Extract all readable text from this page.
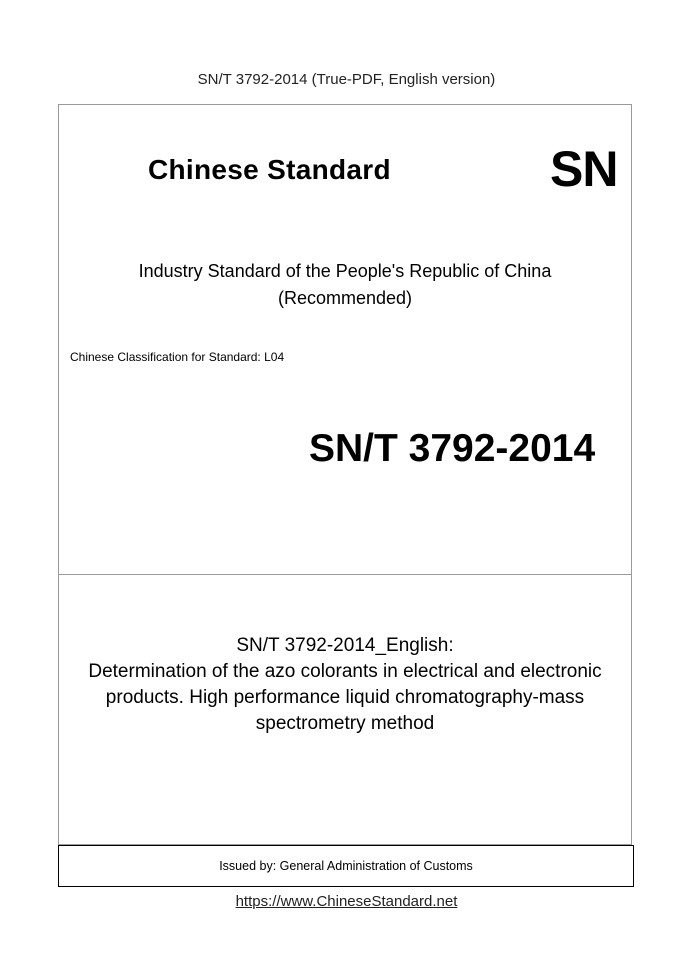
SN/T 3792-2014 (True-PDF, English version)
Chinese Standard	SN
Industry Standard of the People's Republic of China
(Recommended)
Chinese Classification for Standard: L04
SN/T 3792-2014
SN/T 3792-2014_English:
Determination of the azo colorants in electrical and electronic
products. High performance liquid chromatography-mass
spectrometry method
Issued by: General Administration of Customs
https://www.ChineseStandard.net
